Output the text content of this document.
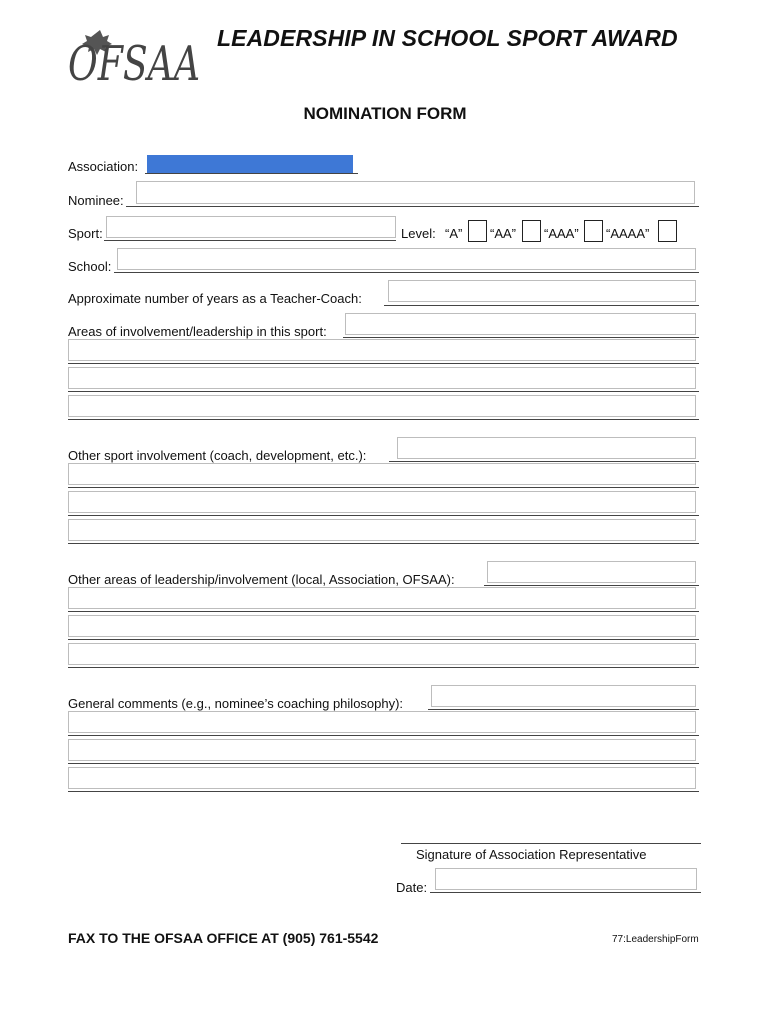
OFSAA LEADERSHIP IN SCHOOL SPORT AWARD
NOMINATION FORM
Association:
Nominee:
Sport:	Level: “A” “AA” “AAA” “AAAA”
School:
Approximate number of years as a Teacher-Coach:
Areas of involvement/leadership in this sport:
Other sport involvement (coach, development, etc.):
Other areas of leadership/involvement (local, Association, OFSAA):
General comments (e.g., nominee’s coaching philosophy):
Signature of Association Representative
Date:
FAX TO THE OFSAA OFFICE AT (905) 761-5542	77:LeadershipForm
